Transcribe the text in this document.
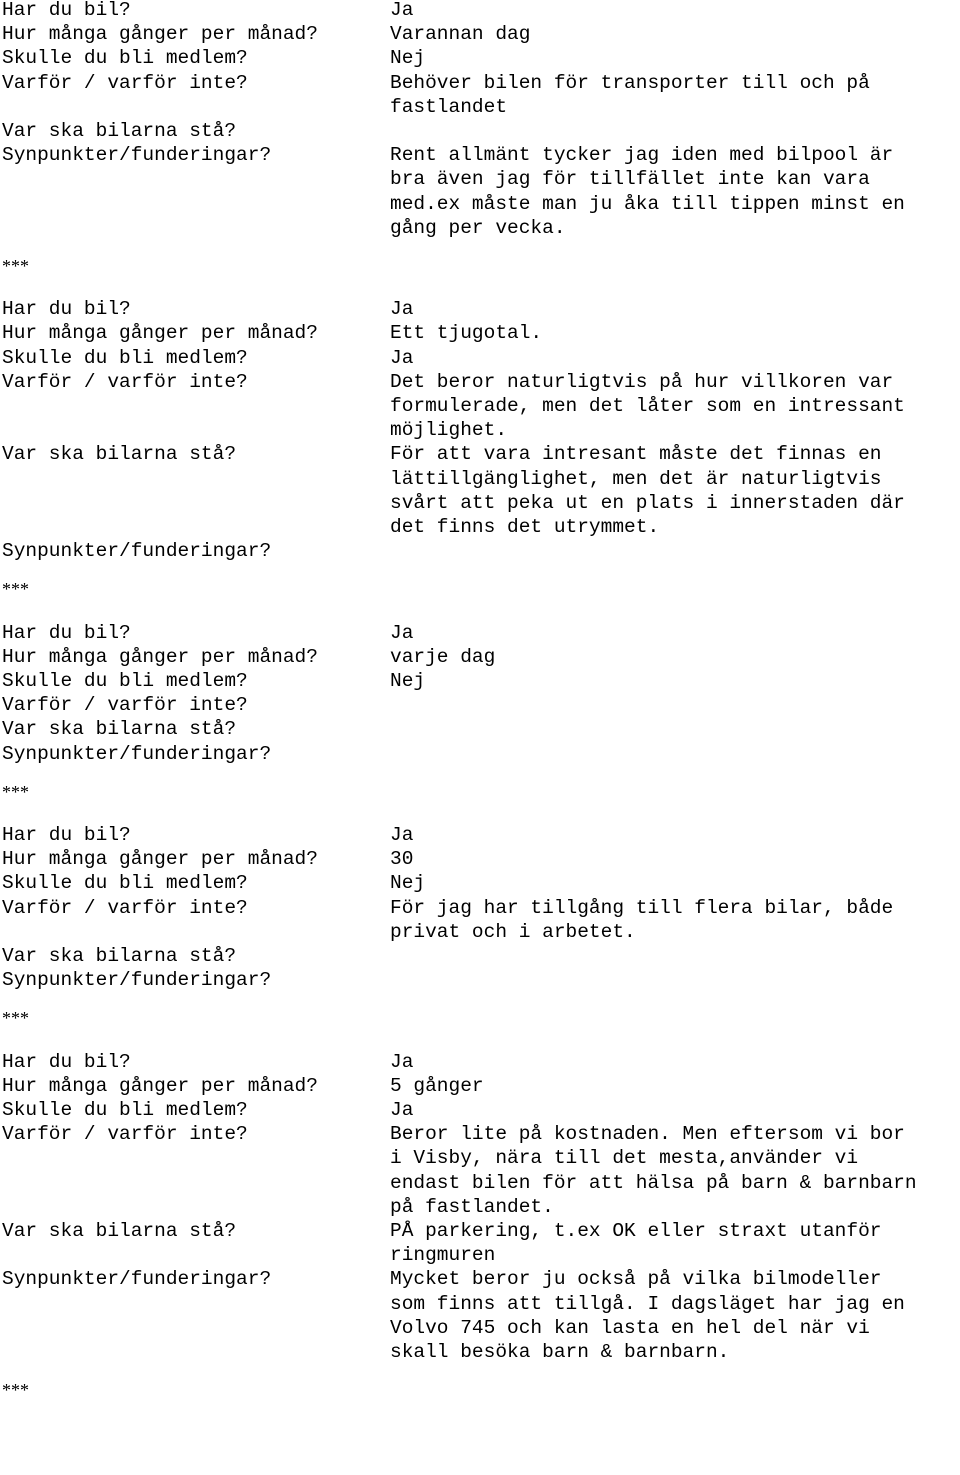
Har du bil?	Ja
Hur många gånger per månad?	Varannan dag
Skulle du bli medlem?	Nej
Varför / varför inte?	Behöver bilen för transporter till och på
fastlandet
Var ska bilarna stå?
Synpunkter/funderingar?	Rent allmänt tycker jag iden med bilpool är
bra även jag för tillfället inte kan vara
med.ex måste man ju åka till tippen minst en
gång per vecka.
***
Har du bil?	Ja
Hur många gånger per månad?	Ett tjugotal.
Skulle du bli medlem?	Ja
Varför / varför inte?	Det beror naturligtvis på hur villkoren var
formulerade, men det låter som en intressant
möjlighet.
Var ska bilarna stå?	För att vara intresant måste det finnas en
lättillgänglighet, men det är naturligtvis
svårt att peka ut en plats i innerstaden där
det finns det utrymmet.
Synpunkter/funderingar?
***
Har du bil?	Ja
Hur många gånger per månad?	varje dag
Skulle du bli medlem?	Nej
Varför / varför inte?
Var ska bilarna stå?
Synpunkter/funderingar?
***
Har du bil?	Ja
Hur många gånger per månad?	30
Skulle du bli medlem?	Nej
Varför / varför inte?	För jag har tillgång till flera bilar, både
privat och i arbetet.
Var ska bilarna stå?
Synpunkter/funderingar?
***
Har du bil?	Ja
Hur många gånger per månad?	5 gånger
Skulle du bli medlem?	Ja
Varför / varför inte?	Beror lite på kostnaden. Men eftersom vi bor
i Visby, nära till det mesta,använder vi
endast bilen för att hälsa på barn & barnbarn
på fastlandet.
Var ska bilarna stå?	PÅ parkering, t.ex OK eller straxt utanför
ringmuren
Synpunkter/funderingar?	Mycket beror ju också på vilka bilmodeller
som finns att tillgå. I dagsläget har jag en
Volvo 745 och kan lasta en hel del när vi
skall besöka barn & barnbarn.
***
